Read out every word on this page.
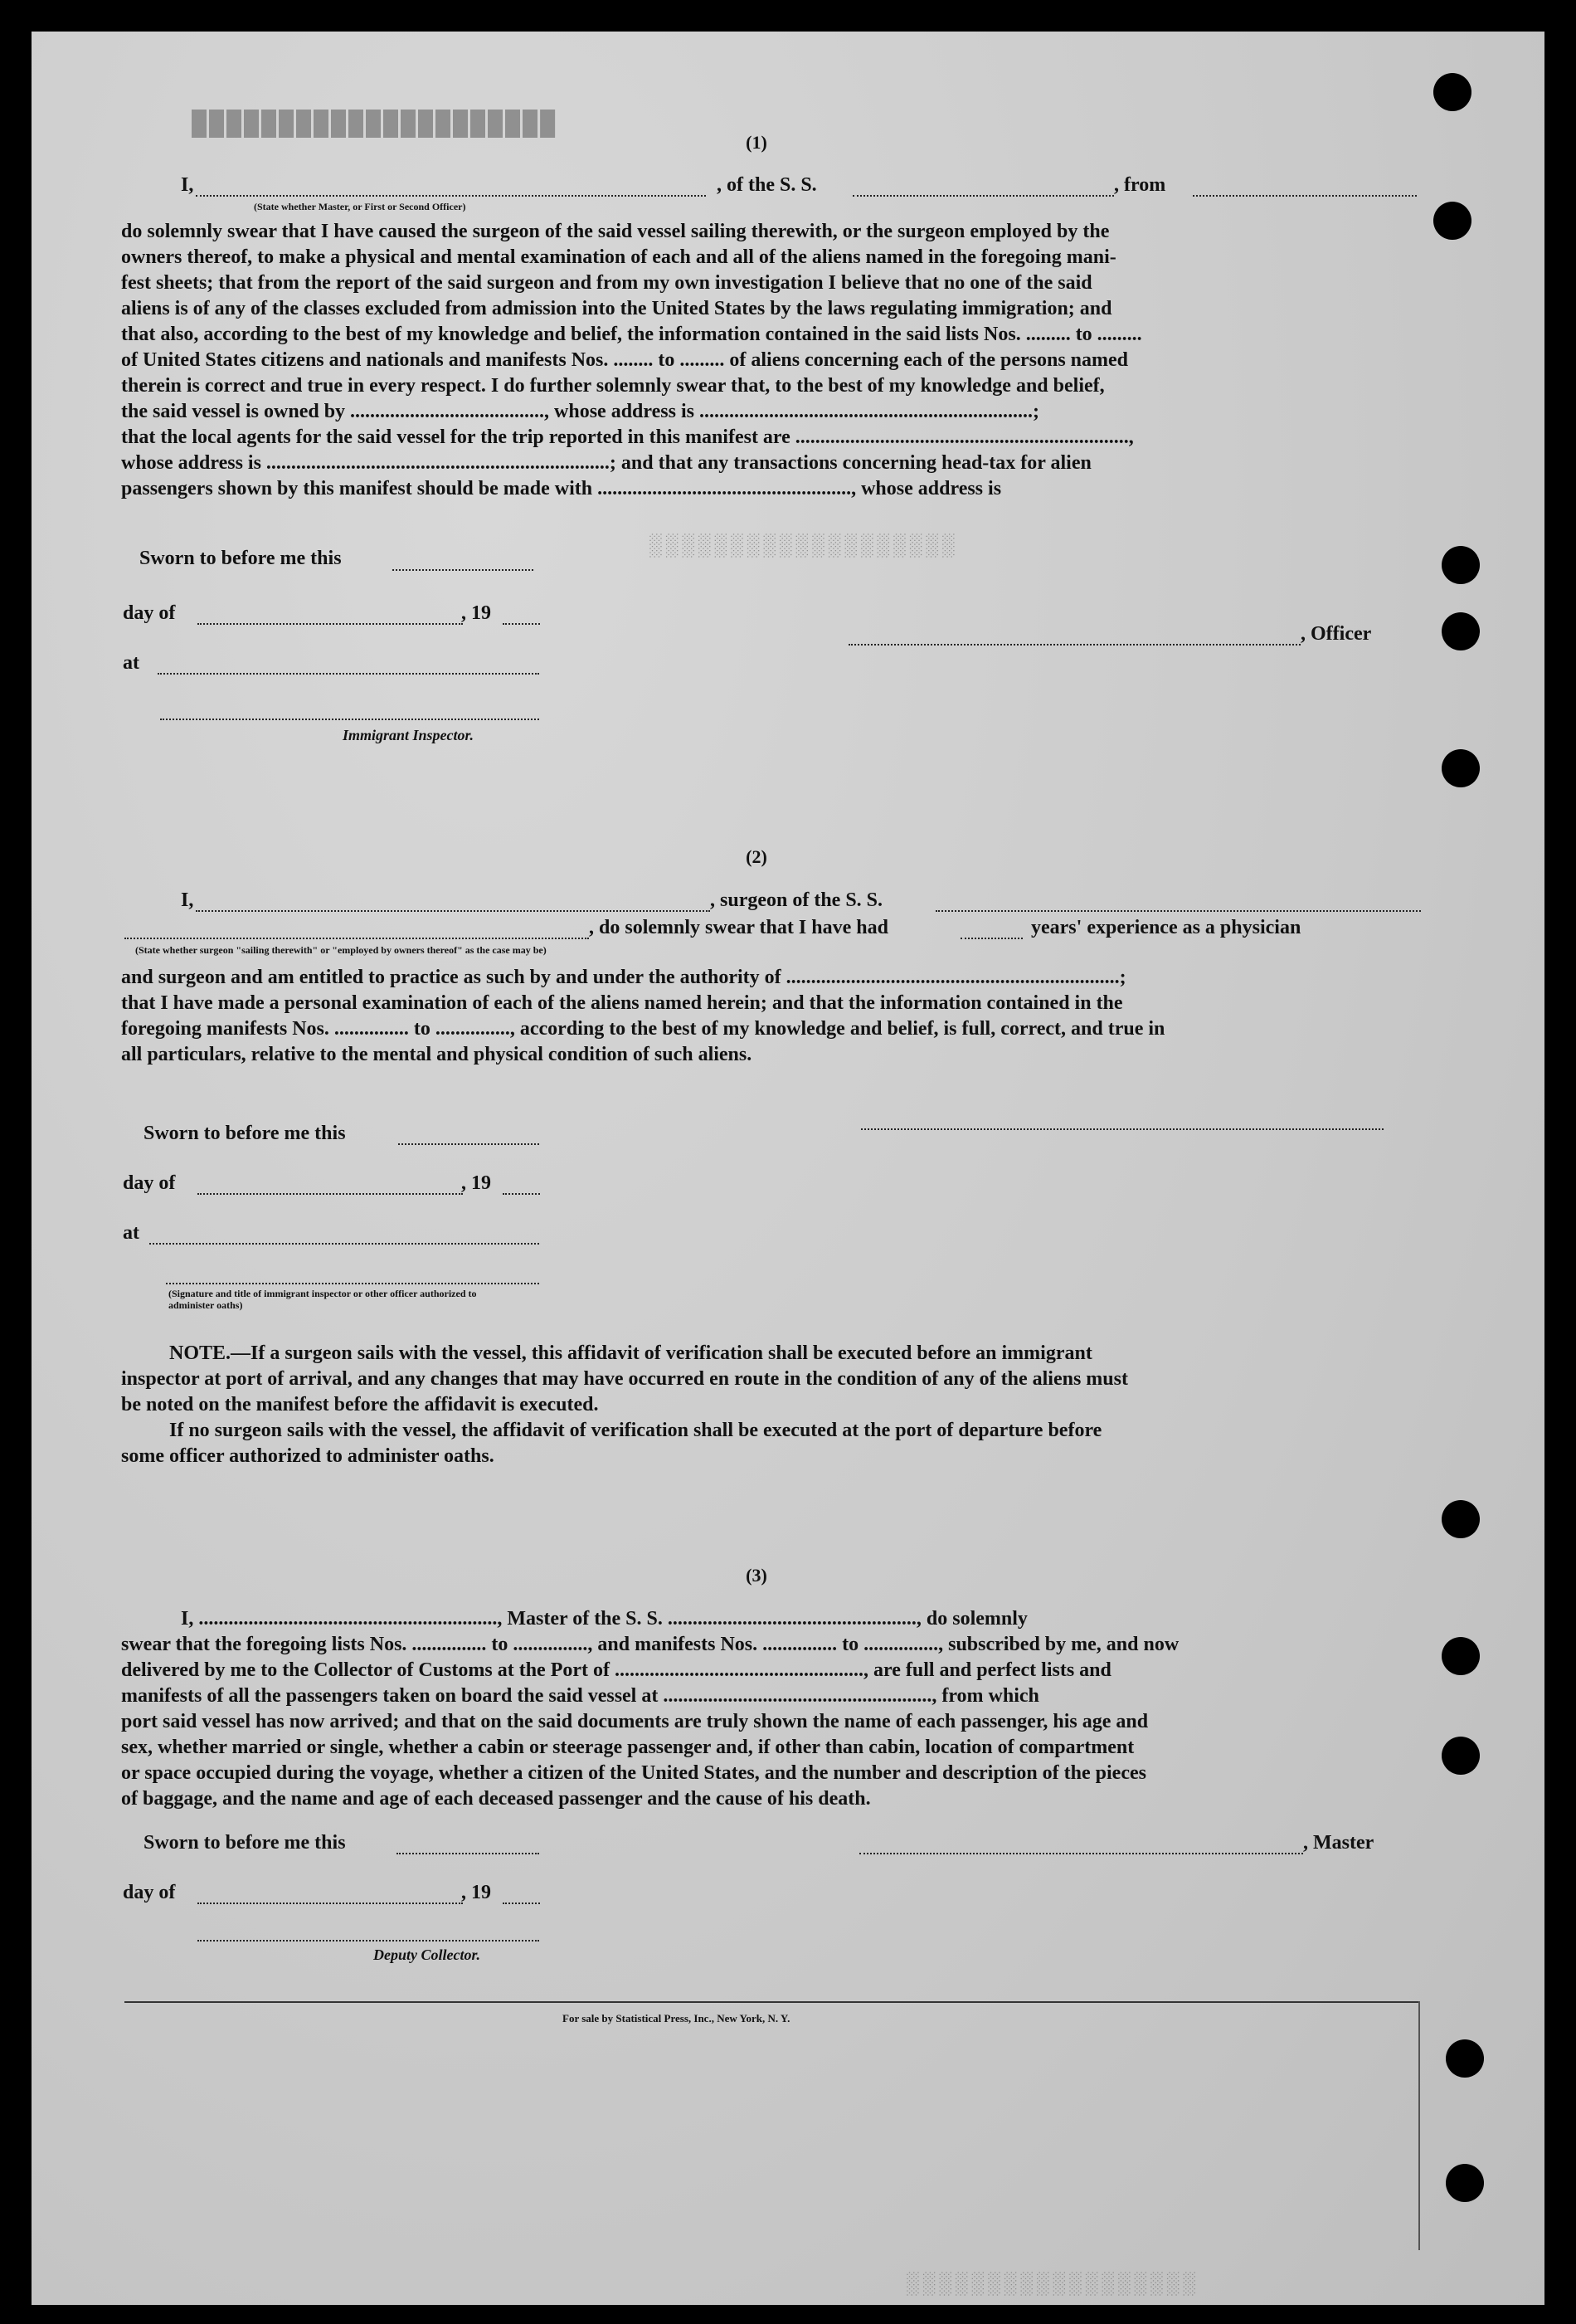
█████████████████████
░░░░░░░░░░░░░░░░░░░
░░░░░░░░░░░░░░░░░░
(1)
I,	, of the S. S.	, from
(State whether Master, or First or Second Officer)
do solemnly swear that I have caused the surgeon of the said vessel sailing therewith, or the surgeon employed by the
owners thereof, to make a physical and mental examination of each and all of the aliens named in the foregoing mani-
fest sheets; that from the report of the said surgeon and from my own investigation I believe that no one of the said
aliens is of any of the classes excluded from admission into the United States by the laws regulating immigration; and
that also, according to the best of my knowledge and belief, the information contained in the said lists Nos. ......... to .........
of United States citizens and nationals and manifests Nos. ........ to ......... of aliens concerning each of the persons named
therein is correct and true in every respect. I do further solemnly swear that, to the best of my knowledge and belief,
the said vessel is owned by ......................................., whose address is ...................................................................;
that the local agents for the said vessel for the trip reported in this manifest are ...................................................................,
whose address is .....................................................................; and that any transactions concerning head-tax for alien
passengers shown by this manifest should be made with ..................................................., whose address is
Sworn to before me this
day of	, 19
at
Immigrant Inspector.
, Officer
(2)
I,	, surgeon of the S. S.
, do solemnly swear that I have had	years' experience as a physician
(State whether surgeon "sailing therewith" or "employed by owners thereof" as the case may be)
and surgeon and am entitled to practice as such by and under the authority of ...................................................................;
that I have made a personal examination of each of the aliens named herein; and that the information contained in the
foregoing manifests Nos. ............... to ..............., according to the best of my knowledge and belief, is full, correct, and true in
all particulars, relative to the mental and physical condition of such aliens.
Sworn to before me this
day of	, 19
at
(Signature and title of immigrant inspector or other officer authorized to administer oaths)
NOTE.—If a surgeon sails with the vessel, this affidavit of verification shall be executed before an immigrant
inspector at port of arrival, and any changes that may have occurred en route in the condition of any of the aliens must
be noted on the manifest before the affidavit is executed.
If no surgeon sails with the vessel, the affidavit of verification shall be executed at the port of departure before
some officer authorized to administer oaths.
(3)
I, ............................................................, Master of the S. S. .................................................., do solemnly
swear that the foregoing lists Nos. ............... to ..............., and manifests Nos. ............... to ..............., subscribed by me, and now
delivered by me to the Collector of Customs at the Port of .................................................., are full and perfect lists and
manifests of all the passengers taken on board the said vessel at ......................................................, from which
port said vessel has now arrived; and that on the said documents are truly shown the name of each passenger, his age and
sex, whether married or single, whether a cabin or steerage passenger and, if other than cabin, location of compartment
or space occupied during the voyage, whether a citizen of the United States, and the number and description of the pieces
of baggage, and the name and age of each deceased passenger and the cause of his death.
Sworn to before me this	, Master
day of	, 19
Deputy Collector.
For sale by Statistical Press, Inc., New York, N. Y.
